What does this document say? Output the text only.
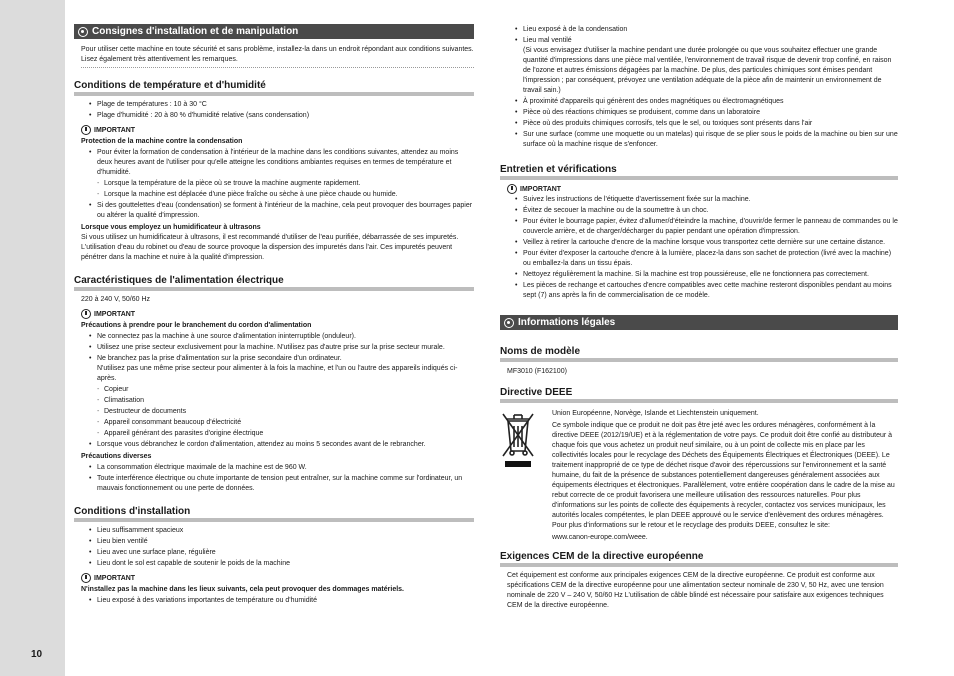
10
Consignes d'installation et de manipulation
Pour utiliser cette machine en toute sécurité et sans problème, installez-la dans un endroit répondant aux conditions suivantes. Lisez également très attentivement les remarques.
Conditions de température et d'humidité
• Plage de températures : 10 à 30 °C
• Plage d'humidité : 20 à 80 % d'humidité relative (sans condensation)
IMPORTANT
Protection de la machine contre la condensation
• Pour éviter la formation de condensation à l'intérieur de la machine dans les conditions suivantes, attendez au moins deux heures avant de l'utiliser pour qu'elle atteigne les conditions ambiantes requises en termes de température et d'humidité.
- Lorsque la température de la pièce où se trouve la machine augmente rapidement.
- Lorsque la machine est déplacée d'une pièce fraîche ou sèche à une pièce chaude ou humide.
• Si des gouttelettes d'eau (condensation) se forment à l'intérieur de la machine, cela peut provoquer des bourrages papier ou altérer la qualité d'impression.
Lorsque vous employez un humidificateur à ultrasons
Si vous utilisez un humidificateur à ultrasons, il est recommandé d'utiliser de l'eau purifiée, débarrassée de ses impuretés.
L'utilisation d'eau du robinet ou d'eau de source provoque la dispersion des impuretés dans l'air. Ces impuretés peuvent pénétrer dans la machine et nuire à la qualité d'impression.
Caractéristiques de l'alimentation électrique
220 à 240 V, 50/60 Hz
IMPORTANT
Précautions à prendre pour le branchement du cordon d'alimentation
• Ne connectez pas la machine à une source d'alimentation ininterruptible (onduleur).
• Utilisez une prise secteur exclusivement pour la machine. N'utilisez pas d'autre prise sur la prise secteur murale.
• Ne branchez pas la prise d'alimentation sur la prise secondaire d'un ordinateur.
N'utilisez pas une même prise secteur pour alimenter à la fois la machine, et l'un ou l'autre des appareils indiqués ci-après.
- Copieur
- Climatisation
- Destructeur de documents
- Appareil consommant beaucoup d'électricité
- Appareil générant des parasites d'origine électrique
• Lorsque vous débranchez le cordon d'alimentation, attendez au moins 5 secondes avant de le rebrancher.
Précautions diverses
• La consommation électrique maximale de la machine est de 960 W.
• Toute interférence électrique ou chute importante de tension peut entraîner, sur la machine comme sur l'ordinateur, un mauvais fonctionnement ou une perte de données.
Conditions d'installation
• Lieu suffisamment spacieux
• Lieu bien ventilé
• Lieu avec une surface plane, régulière
• Lieu dont le sol est capable de soutenir le poids de la machine
IMPORTANT
N'installez pas la machine dans les lieux suivants, cela peut provoquer des dommages matériels.
• Lieu exposé à des variations importantes de température ou d'humidité
• Lieu exposé à de la condensation
• Lieu mal ventilé
(Si vous envisagez d'utiliser la machine pendant une durée prolongée ou que vous souhaitez effectuer une grande quantité d'impressions dans une pièce mal ventilée, l'environnement de travail risque de devenir trop confiné, en raison de l'ozone et autres émissions dégagées par la machine. De plus, des particules chimiques sont émises pendant l'impression ; par conséquent, prévoyez une ventilation adéquate de la pièce afin de maintenir un environnement de travail sain.)
• À proximité d'appareils qui génèrent des ondes magnétiques ou électromagnétiques
• Pièce où des réactions chimiques se produisent, comme dans un laboratoire
• Pièce où des produits chimiques corrosifs, tels que le sel, ou toxiques sont présents dans l'air
• Sur une surface (comme une moquette ou un matelas) qui risque de se plier sous le poids de la machine ou bien sur une surface où la machine risque de s'enfoncer.
Entretien et vérifications
IMPORTANT
• Suivez les instructions de l'étiquette d'avertissement fixée sur la machine.
• Évitez de secouer la machine ou de la soumettre à un choc.
• Pour éviter le bourrage papier, évitez d'allumer/d'éteindre la machine, d'ouvrir/de fermer le panneau de commandes ou le couvercle arrière, et de charger/décharger du papier pendant une opération d'impression.
• Veillez à retirer la cartouche d'encre de la machine lorsque vous transportez cette dernière sur une certaine distance.
• Pour éviter d'exposer la cartouche d'encre à la lumière, placez-la dans son sachet de protection (livré avec la machine) ou emballez-la dans un tissu épais.
• Nettoyez régulièrement la machine. Si la machine est trop poussiéreuse, elle ne fonctionnera pas correctement.
• Les pièces de rechange et cartouches d'encre compatibles avec cette machine resteront disponibles pendant au moins sept (7) ans après la fin de commercialisation de ce modèle.
Informations légales
Noms de modèle
MF3010 (F162100)
Directive DEEE
Union Européenne, Norvège, Islande et Liechtenstein uniquement.
Ce symbole indique que ce produit ne doit pas être jeté avec les ordures ménagères, conformément à la directive DEEE (2012/19/UE) et à la réglementation de votre pays. Ce produit doit être confié au distributeur à chaque fois que vous achetez un produit neuf similaire, ou à un point de collecte mis en place par les collectivités locales pour le recyclage des Déchets des Équipements Électriques et Électroniques (DEEE). Le traitement inapproprié de ce type de déchet risque d'avoir des répercussions sur l'environnement et la santé humaine, du fait de la présence de substances potentiellement dangereuses généralement associées aux équipements électriques et électroniques. Parallèlement, votre entière coopération dans le cadre de la mise au rebut correcte de ce produit favorisera une meilleure utilisation des ressources naturelles. Pour plus d'informations sur les points de collecte des équipements à recycler, contactez vos services municipaux, les autorités locales compétentes, le plan DEEE approuvé ou le service d'enlèvement des ordures ménagères. Pour plus d'informations sur le retour et le recyclage des produits DEEE, consultez le site:
www.canon-europe.com/weee.
Exigences CEM de la directive européenne
Cet équipement est conforme aux principales exigences CEM de la directive européenne. Ce produit est conforme aux spécifications CEM de la directive européenne pour une alimentation secteur nominale de 230 V, 50 Hz, avec une tension nominale de 220 V – 240 V, 50/60 Hz L'utilisation de câble blindé est nécessaire pour satisfaire aux exigences techniques CEM de la directive européenne.
